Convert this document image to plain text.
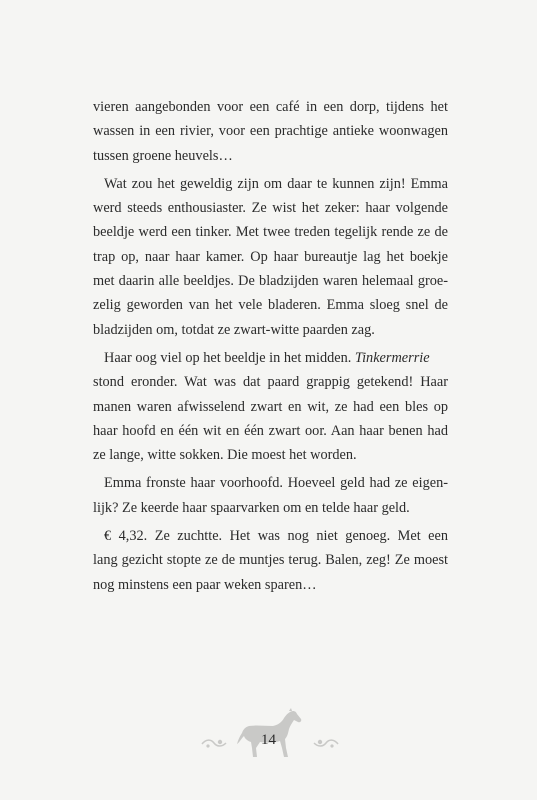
vieren aangebonden voor een café in een dorp, tijdens het
wassen in een rivier, voor een prachtige antieke woonwagen
tussen groene heuvels…

Wat zou het geweldig zijn om daar te kunnen zijn! Emma
werd steeds enthousiaster. Ze wist het zeker: haar volgende
beeldje werd een tinker. Met twee treden tegelijk rende ze de
trap op, naar haar kamer. Op haar bureautje lag het boekje
met daarin alle beeldjes. De bladzijden waren helemaal groe-
zelig geworden van het vele bladeren. Emma sloeg snel de
bladzijden om, totdat ze zwart-witte paarden zag.

Haar oog viel op het beeldje in het midden. Tinkermerrie
stond eronder. Wat was dat paard grappig getekend! Haar
manen waren afwisselend zwart en wit, ze had een bles op
haar hoofd en één wit en één zwart oor. Aan haar benen had
ze lange, witte sokken. Die moest het worden.

Emma fronste haar voorhoofd. Hoeveel geld had ze eigen-
lijk? Ze keerde haar spaarvarken om en telde haar geld.

€ 4,32. Ze zuchtte. Het was nog niet genoeg. Met een
lang gezicht stopte ze de muntjes terug. Balen, zeg! Ze moest
nog minstens een paar weken sparen…

14
